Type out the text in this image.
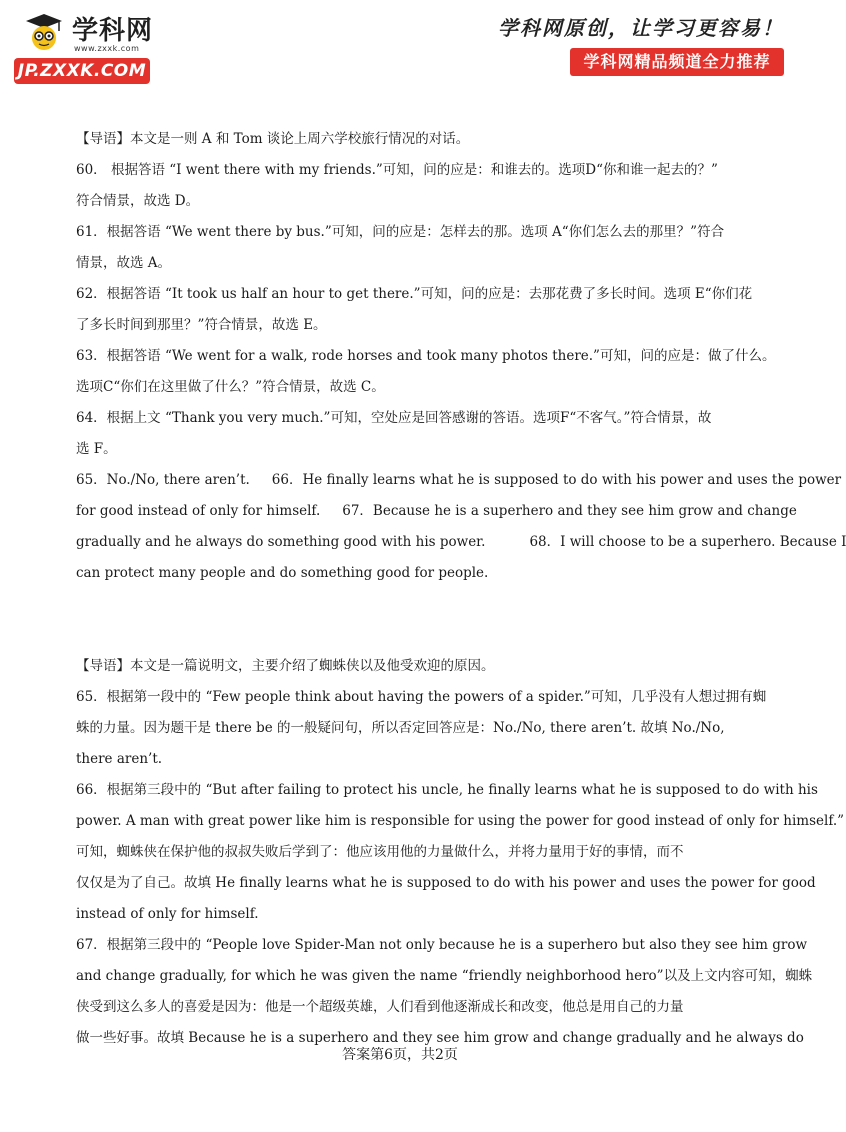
学科网
www.zxxk.com
JP.ZXXK.COM
学科网原创，让学习更容易！
学科网精品频道全力推荐
【导语】本文是一则 A 和 Tom 谈论上周六学校旅行情况的对话。
60． 根据答语 “I went there with my friends.”可知，问的应是：和谁去的。选项D“你和谁一起去的？”
符合情景，故选 D。
61．根据答语 “We went there by bus.”可知，问的应是：怎样去的那。选项 A“你们怎么去的那里？”符合
情景，故选 A。
62．根据答语 “It took us half an hour to get there.”可知，问的应是：去那花费了多长时间。选项 E“你们花
了多长时间到那里？”符合情景，故选 E。
63．根据答语 “We went for a walk, rode horses and took many photos there.”可知，问的应是：做了什么。
选项C“你们在这里做了什么？”符合情景，故选 C。
64．根据上文 “Thank you very much.”可知，空处应是回答感谢的答语。选项F“不客气。”符合情景，故
选 F。
65．No./No, there aren’t. 66．He finally learns what he is supposed to do with his power and uses the power
for good instead of only for himself. 67．Because he is a superhero and they see him grow and change
gradually and he always do something good with his power.	68．I will choose to be a superhero. Because I
can protect many people and do something good for people.
【导语】本文是一篇说明文，主要介绍了蜘蛛侠以及他受欢迎的原因。
65．根据第一段中的 “Few people think about having the powers of a spider.”可知，几乎没有人想过拥有蜘
蛛的力量。因为题干是 there be 的一般疑问句，所以否定回答应是：No./No, there aren’t. 故填 No./No,
there aren’t.
66．根据第三段中的 “But after failing to protect his uncle, he finally learns what he is supposed to do with his
power. A man with great power like him is responsible for using the power for good instead of only for himself.”
可知，蜘蛛侠在保护他的叔叔失败后学到了：他应该用他的力量做什么，并将力量用于好的事情，而不
仅仅是为了自己。故填 He finally learns what he is supposed to do with his power and uses the power for good
instead of only for himself.
67．根据第三段中的 “People love Spider-Man not only because he is a superhero but also they see him grow
and change gradually, for which he was given the name “friendly neighborhood hero”以及上文内容可知，蜘蛛
侠受到这么多人的喜爱是因为：他是一个超级英雄，人们看到他逐渐成长和改变，他总是用自己的力量
做一些好事。故填 Because he is a superhero and they see him grow and change gradually and he always do
答案第6页，共2页
